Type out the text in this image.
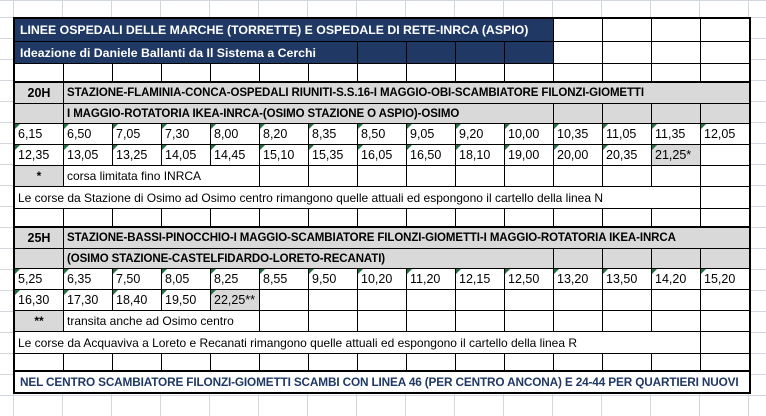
LINEE OSPEDALI DELLE MARCHE (TORRETTE) E OSPEDALE DI RETE-INRCA (ASPIO)
Ideazione di Daniele Ballanti da Il Sistema a Cerchi
20H	STAZIONE-FLAMINIA-CONCA-OSPEDALI RIUNITI-S.S.16-I MAGGIO-OBI-SCAMBIATORE FILONZI-GIOMETTI
I MAGGIO-ROTATORIA IKEA-INRCA-(OSIMO STAZIONE O ASPIO)-OSIMO
6,15	6,50	7,05	7,30	8,00	8,20	8,35	8,50	9,05	9,20	10,00	10,35	11,05	11,35	12,05
12,35	13,05	13,25	14,05	14,45	15,10	15,35	16,05	16,50	18,10	19,00	20,00	20,35	21,25*
*	corsa limitata fino INRCA
Le corse da Stazione di Osimo ad Osimo centro rimangono quelle attuali ed espongono il cartello della linea N
25H	STAZIONE-BASSI-PINOCCHIO-I MAGGIO-SCAMBIATORE FILONZI-GIOMETTI-I MAGGIO-ROTATORIA IKEA-INRCA
(OSIMO STAZIONE-CASTELFIDARDO-LORETO-RECANATI)
5,25	6,35	7,50	8,05	8,25	8,55	9,50	10,20	11,20	12,15	12,50	13,20	13,50	14,20	15,20
16,30	17,30	18,40	19,50	22,25**
**	transita anche ad Osimo centro
Le corse da Acquaviva a Loreto e Recanati rimangono quelle attuali ed espongono il cartello della linea R
NEL CENTRO SCAMBIATORE FILONZI-GIOMETTI SCAMBI CON LINEA 46 (PER CENTRO ANCONA) E 24-44 PER QUARTIERI NUOVI
